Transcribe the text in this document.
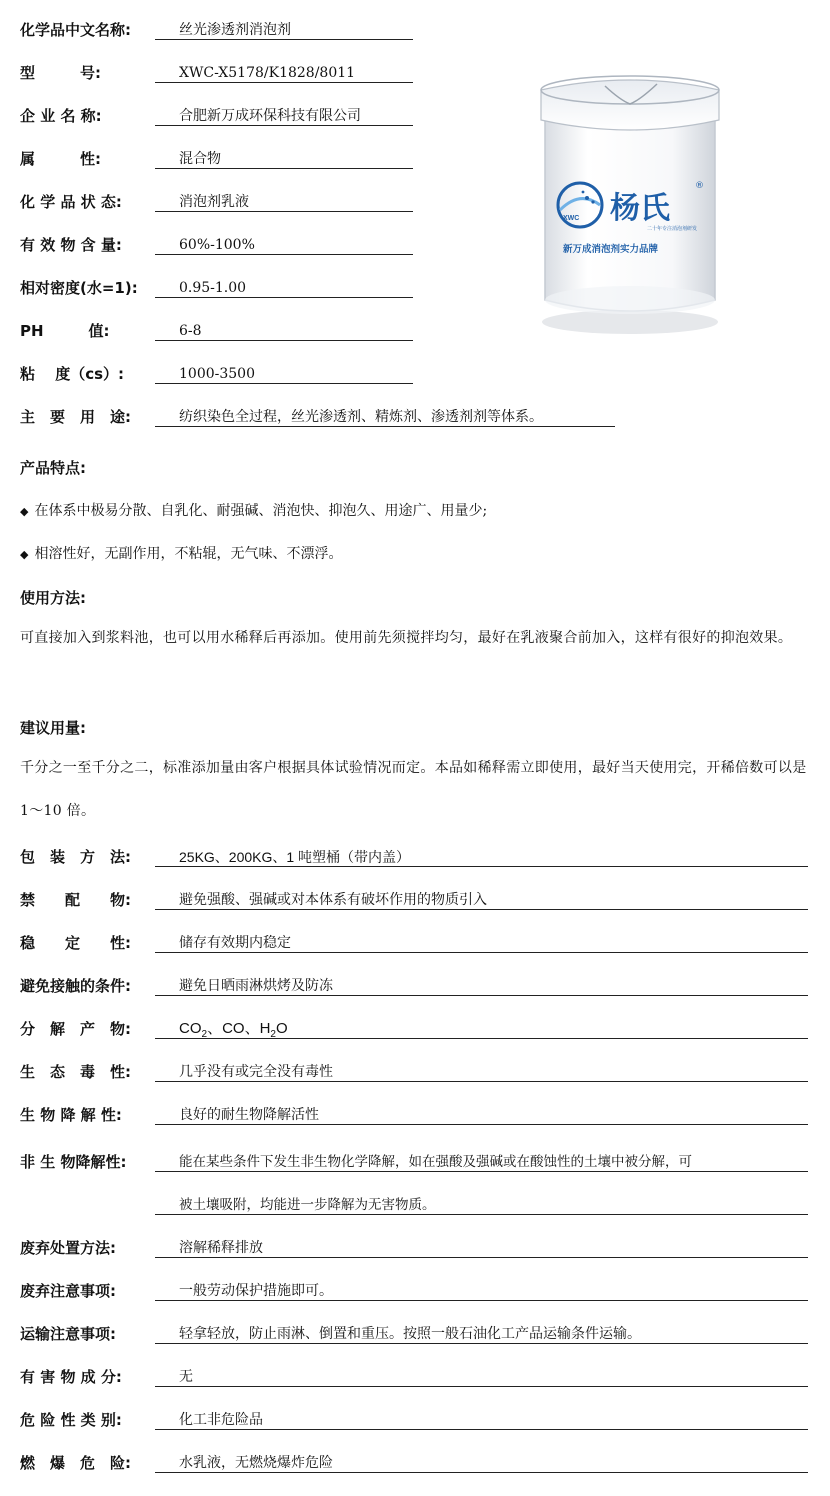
化学品中文名称:	丝光渗透剂消泡剂
型　　　号:	XWC-X5178/K1828/8011
企 业 名 称:	合肥新万成环保科技有限公司
属　　　性:	混合物
化 学 品 状 态:	消泡剂乳液
有 效 物 含 量:	60%-100%
相对密度(水=1):	0.95-1.00
PH　　　值:	6-8
粘　 度（cs）:	1000-3500
主　要　用　途:	纺织染色全过程，丝光渗透剂、精炼剂、渗透剂剂等体系。
XWC 杨氏
®
二十年专注消泡剂研发
新万成消泡剂实力品牌
产品特点:
◆ 在体系中极易分散、自乳化、耐强碱、消泡快、抑泡久、用途广、用量少;
◆ 相溶性好，无副作用，不粘辊，无气味、不漂浮。
使用方法:
可直接加入到浆料池，也可以用水稀释后再添加。使用前先须搅拌均匀，最好在乳液聚合前加入，这样有很好的抑泡效果。
建议用量:
千分之一至千分之二，标准添加量由客户根据具体试验情况而定。本品如稀释需立即使用，最好当天使用完，开稀倍数可以是 1～10 倍。
包　装　方　法:	25KG、200KG、1 吨塑桶（带内盖）
禁　　配　　物:	避免强酸、强碱或对本体系有破坏作用的物质引入
稳　　定　　性:	储存有效期内稳定
避免接触的条件:	避免日晒雨淋烘烤及防冻
分　解　产　物:	$CO_2$、CO、$H_2O$
生　态　毒　性:	几乎没有或完全没有毒性
生 物 降 解 性:	良好的耐生物降解活性
非 生 物降解性:	能在某些条件下发生非生物化学降解，如在强酸及强碱或在酸蚀性的土壤中被分解，可
被土壤吸附，均能进一步降解为无害物质。
废弃处置方法:	溶解稀释排放
废弃注意事项:	一般劳动保护措施即可。
运输注意事项:	轻拿轻放，防止雨淋、倒置和重压。按照一般石油化工产品运输条件运输。
有 害 物 成 分:	无
危 险 性 类 别:	化工非危险品
燃　爆　危　险:	水乳液，无燃烧爆炸危险
